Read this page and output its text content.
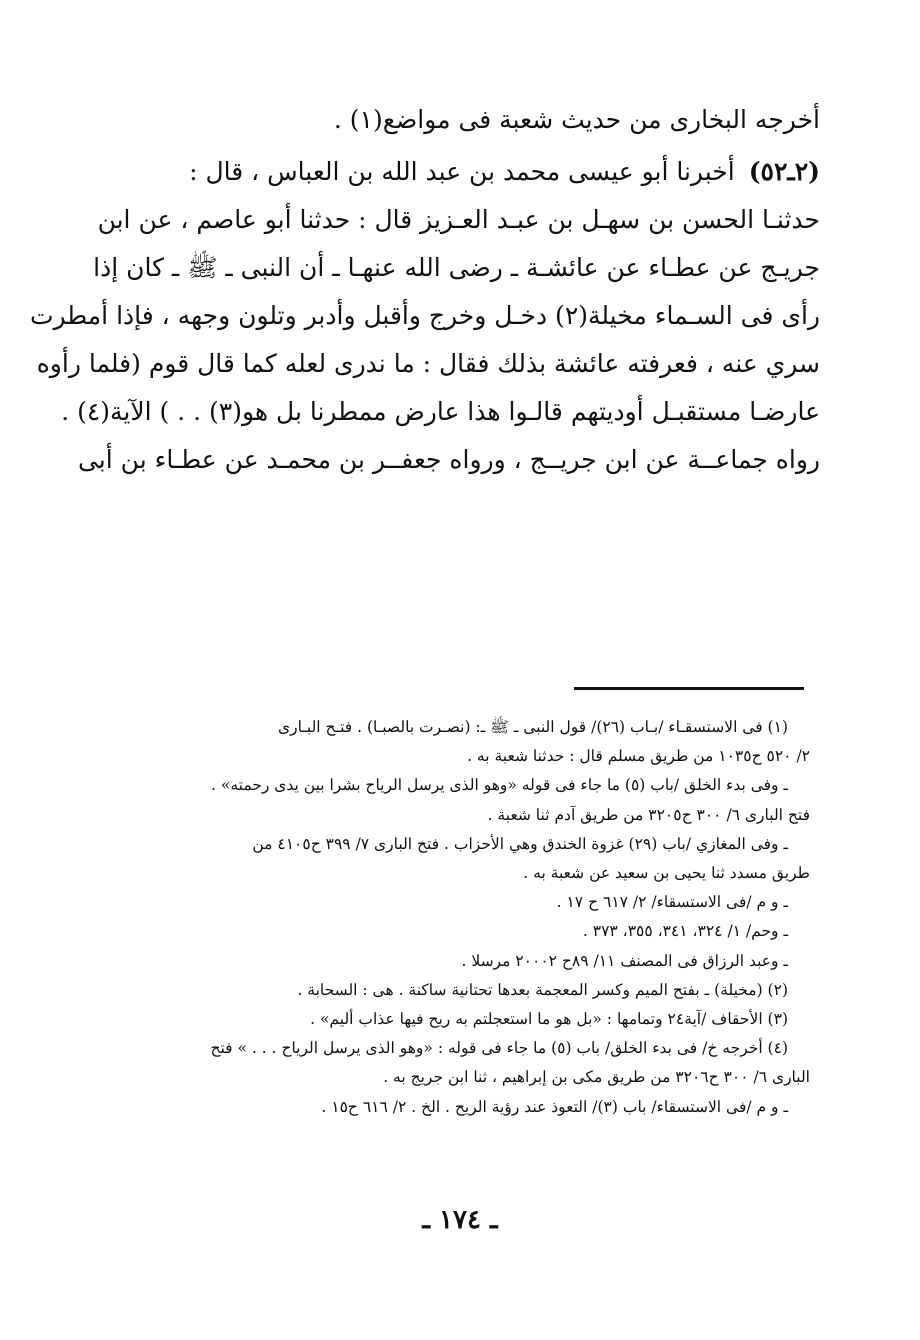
أخرجه البخارى من حديث شعبة فى مواضع(١) .
(٢ـ٥٢)أخبرنا أبو عيسى محمد بن عبد الله بن العباس ، قال :
حدثنـا الحسن بن سهـل بن عبـد العـزيز قال : حدثنا أبو عاصم ، عن ابن
جريـج عن عطـاء عن عائشـة ـ رضى الله عنهـا ـ أن النبى ـ ﷺ ـ كان إذا
رأى فى السـماء مخيلة(٢) دخـل وخرج وأقبل وأدبر وتلون وجهه ، فإذا أمطرت
سري عنه ، فعرفته عائشة بذلك فقال : ما ندرى لعله كما قال قوم (فلما رأوه
عارضـا مستقبـل أوديتهم قالـوا هذا عارض ممطرنا بل هو(٣) . . ) الآية(٤) .
رواه جماعــة عن ابن جريــج ، ورواه جعفــر بن محمـد عن عطـاء بن أبى
(١) فى الاستسقـاء /بـاب (٢٦)/ قول النبى ـ ﷺ ـ: (نصـرت بالصبـا) . فتـح البـارى
٢/ ٥٢٠ ح١٠٣٥ من طريق مسلم قال : حدثنا شعبة به .
ـ وفى بدء الخلق /باب (٥) ما جاء فى قوله «وهو الذى يرسل الرياح بشرا بين يدى رحمته» .
فتح البارى ٦/ ٣٠٠ ح٣٢٠٥ من طريق آدم ثنا شعبة .
ـ وفى المغازي /باب (٢٩) غزوة الخندق وهي الأحزاب . فتح البارى ٧/ ٣٩٩ ح٤١٠٥ من
طريق مسدد ثنا يحيى بن سعيد عن شعبة به .
ـ و م /فى الاستسقاء/ ٢/ ٦١٧ ح ١٧ .
ـ وحم/ ١/ ٣٢٤، ٣٤١، ٣٥٥، ٣٧٣ .
ـ وعبد الرزاق فى المصنف ١١/ ٨٩ح ٢٠٠٠٢ مرسلا .
(٢) (مخيلة) ـ بفتح الميم وكسر المعجمة بعدها تحتانية ساكنة . هى : السحابة .
(٣) الأحقاف /آية٢٤ وتمامها : «بل هو ما استعجلتم به ريح فيها عذاب أليم» .
(٤) أخرجه خ/ فى بدء الخلق/ باب (٥) ما جاء فى قوله : «وهو الذى يرسل الرياح . . . » فتح
البارى ٦/ ٣٠٠ ح٣٢٠٦ من طريق مكى بن إبراهيم ، ثنا ابن جريج به .
ـ و م /فى الاستسقاء/ باب (٣)/ التعوذ عند رؤية الريح . الخ . ٢/ ٦١٦ ح١٥ .
ـ ١٧٤ ـ
